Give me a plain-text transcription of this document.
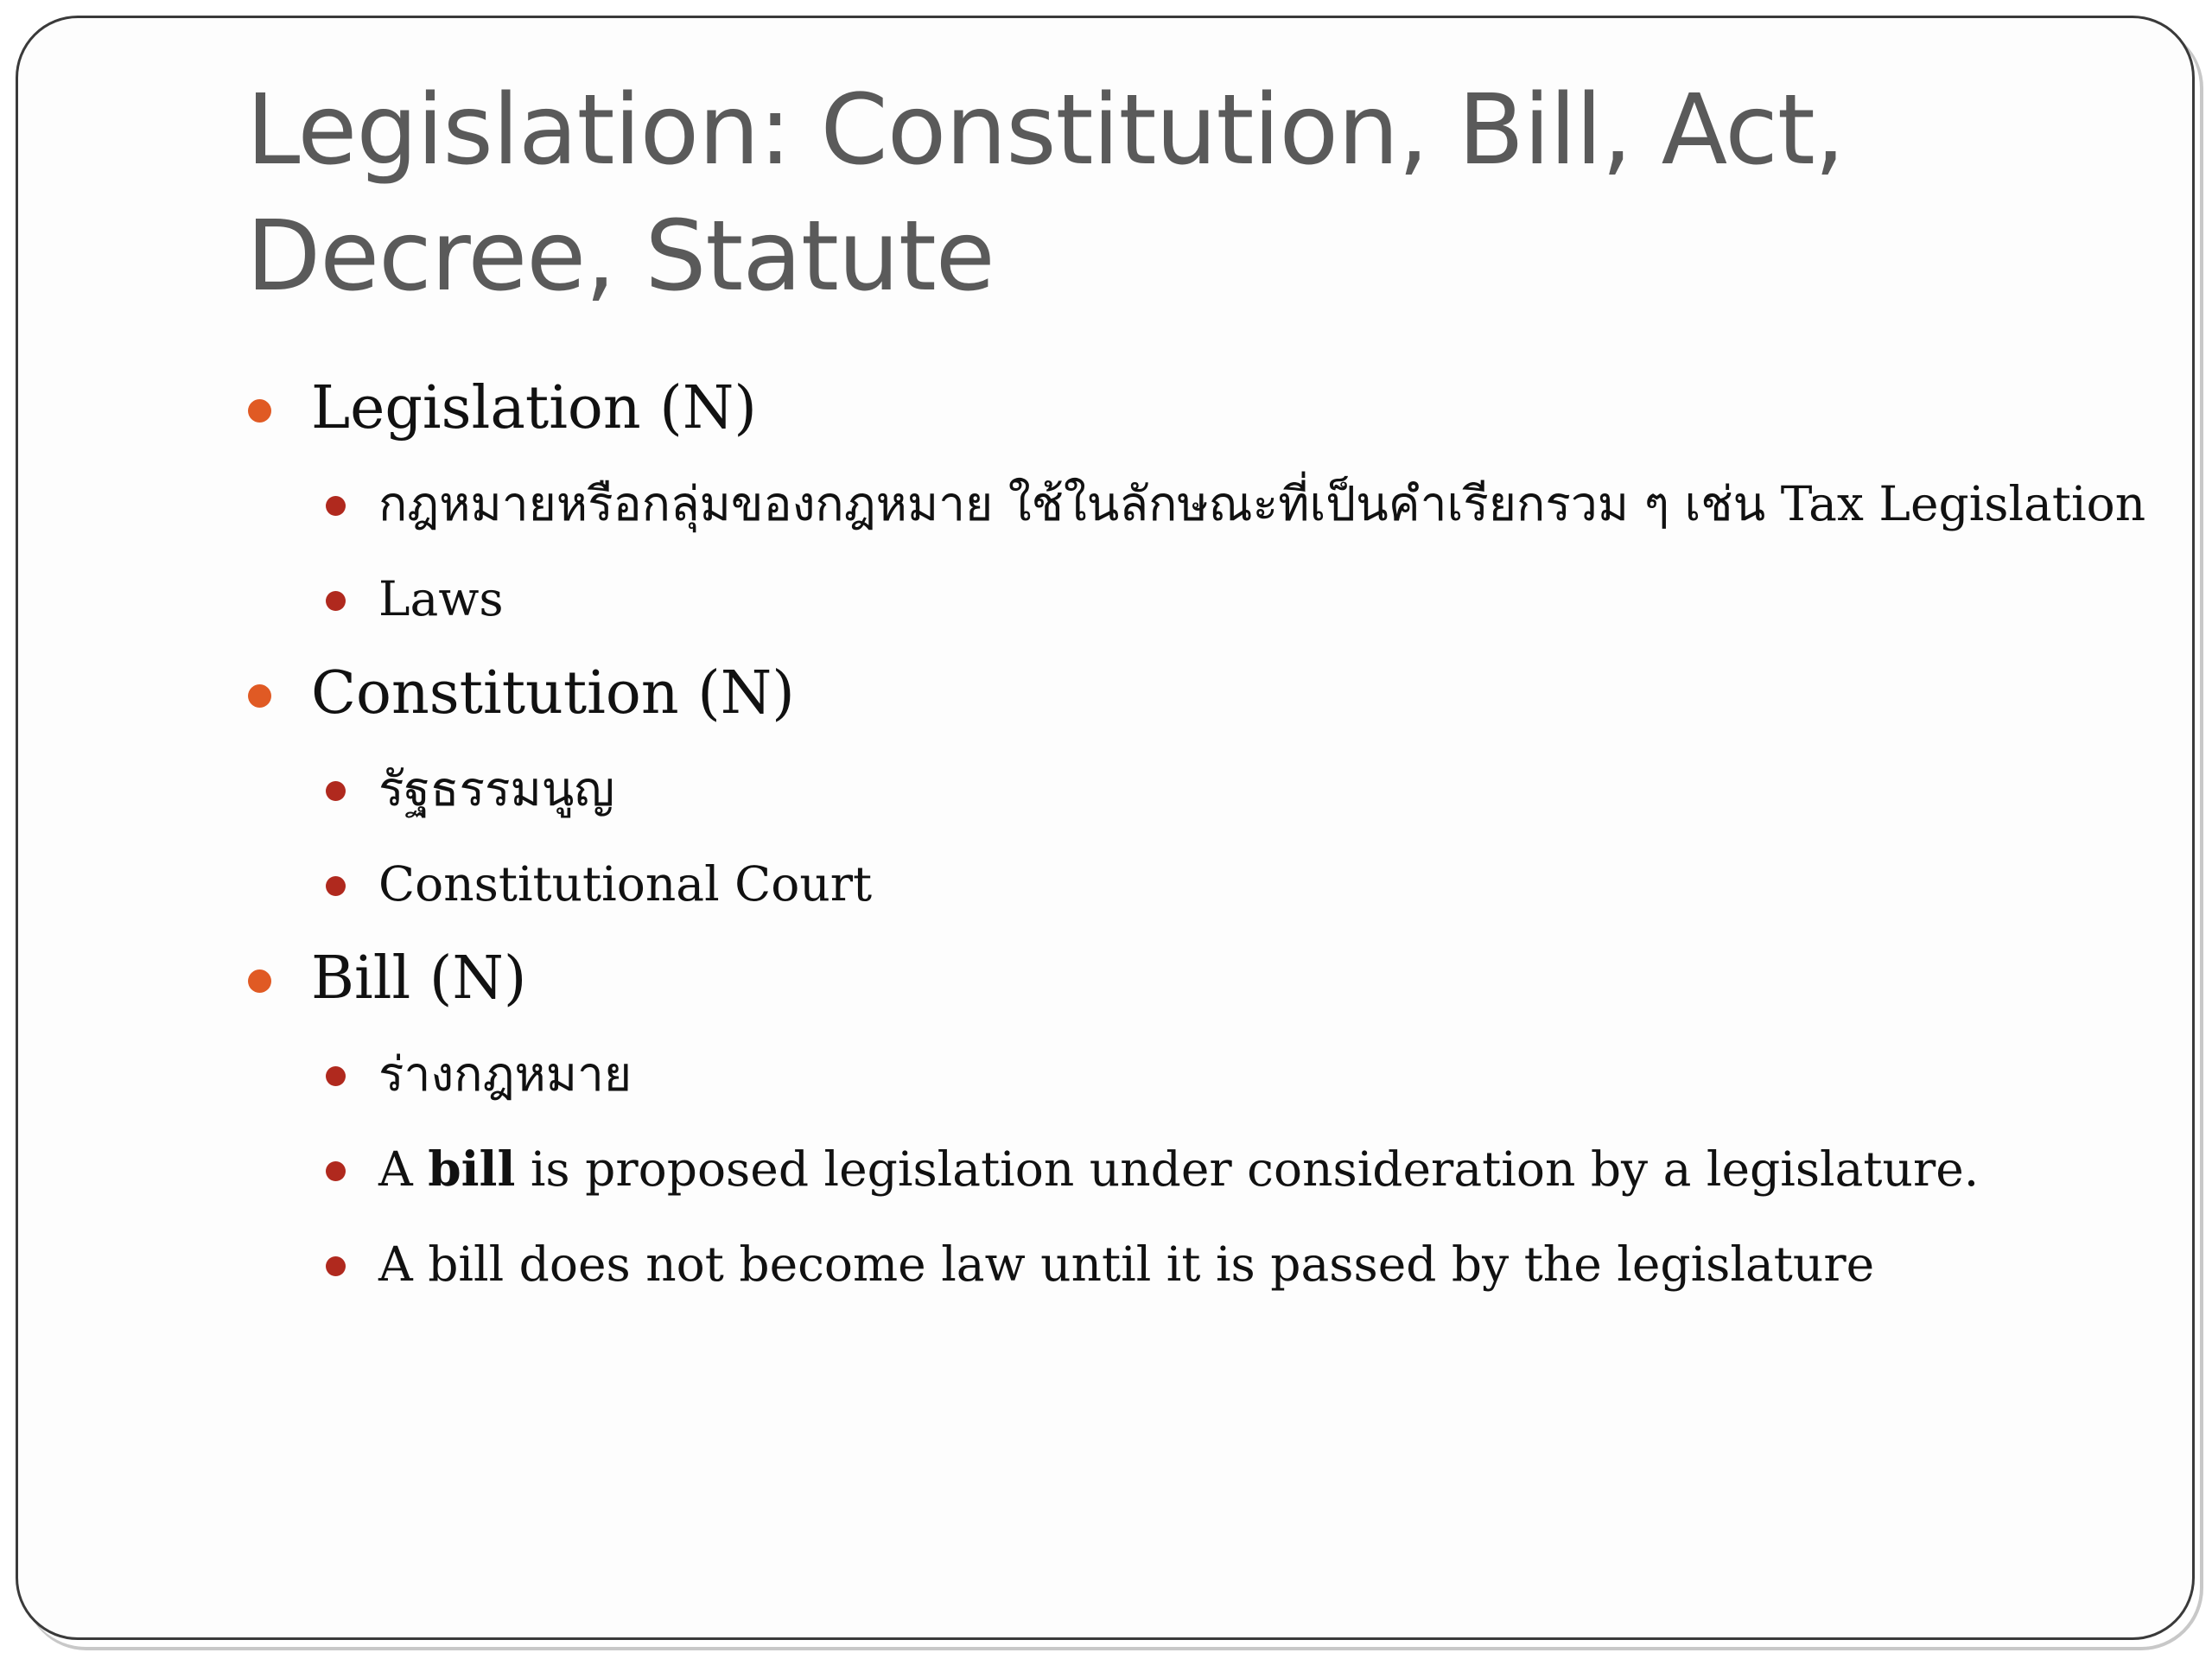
Legislation: Constitution, Bill, Act,
Decree, Statute
Legislation (N)
กฎหมายหรือกลุ่มของกฎหมาย ใช้ในลักษณะที่เป็นคำเรียกรวม ๆ เช่น Tax Legislation
Laws
Constitution (N)
รัฐธรรมนูญ
Constitutional Court
Bill (N)
ร่างกฎหมาย
A bill is proposed legislation under consideration by a legislature.
A bill does not become law until it is passed by the legislature
